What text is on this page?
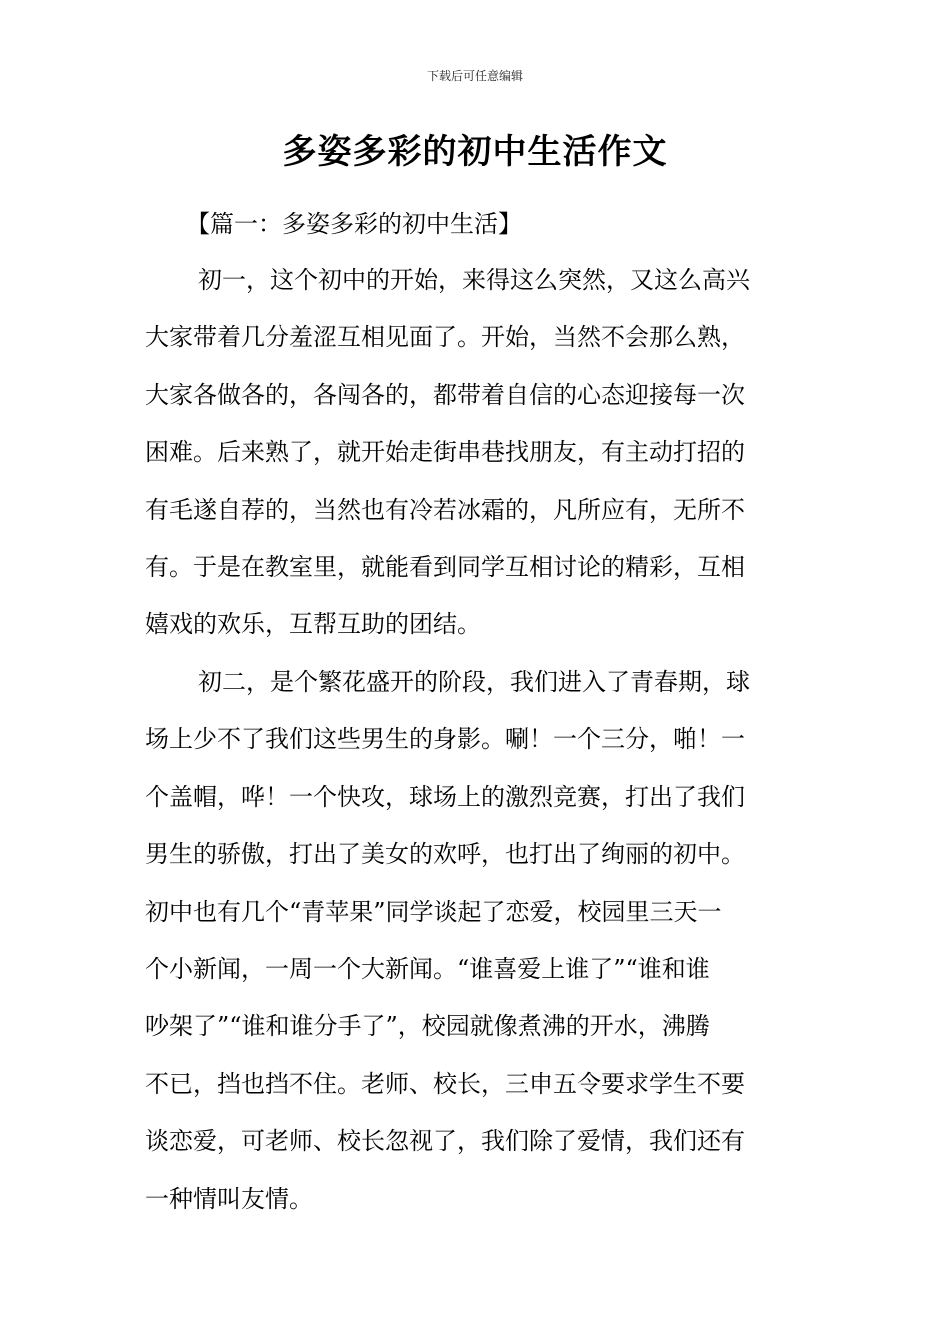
下载后可任意编辑
多姿多彩的初中生活作文
【篇一：多姿多彩的初中生活】
初一，这个初中的开始，来得这么突然，又这么高兴
大家带着几分羞涩互相见面了。开始，当然不会那么熟，
大家各做各的，各闯各的，都带着自信的心态迎接每一次
困难。后来熟了，就开始走街串巷找朋友，有主动打招的
有毛遂自荐的，当然也有冷若冰霜的，凡所应有，无所不
有。于是在教室里，就能看到同学互相讨论的精彩，互相
嬉戏的欢乐，互帮互助的团结。
初二，是个繁花盛开的阶段，我们进入了青春期，球
场上少不了我们这些男生的身影。唰！一个三分，啪！一
个盖帽，哗！一个快攻，球场上的激烈竞赛，打出了我们
男生的骄傲，打出了美女的欢呼，也打出了绚丽的初中。
初中也有几个“青苹果”同学谈起了恋爱，校园里三天一
个小新闻，一周一个大新闻。“谁喜爱上谁了”“谁和谁
吵架了”“谁和谁分手了”，校园就像煮沸的开水，沸腾
不已，挡也挡不住。老师、校长，三申五令要求学生不要
谈恋爱，可老师、校长忽视了，我们除了爱情，我们还有
一种情叫友情。
